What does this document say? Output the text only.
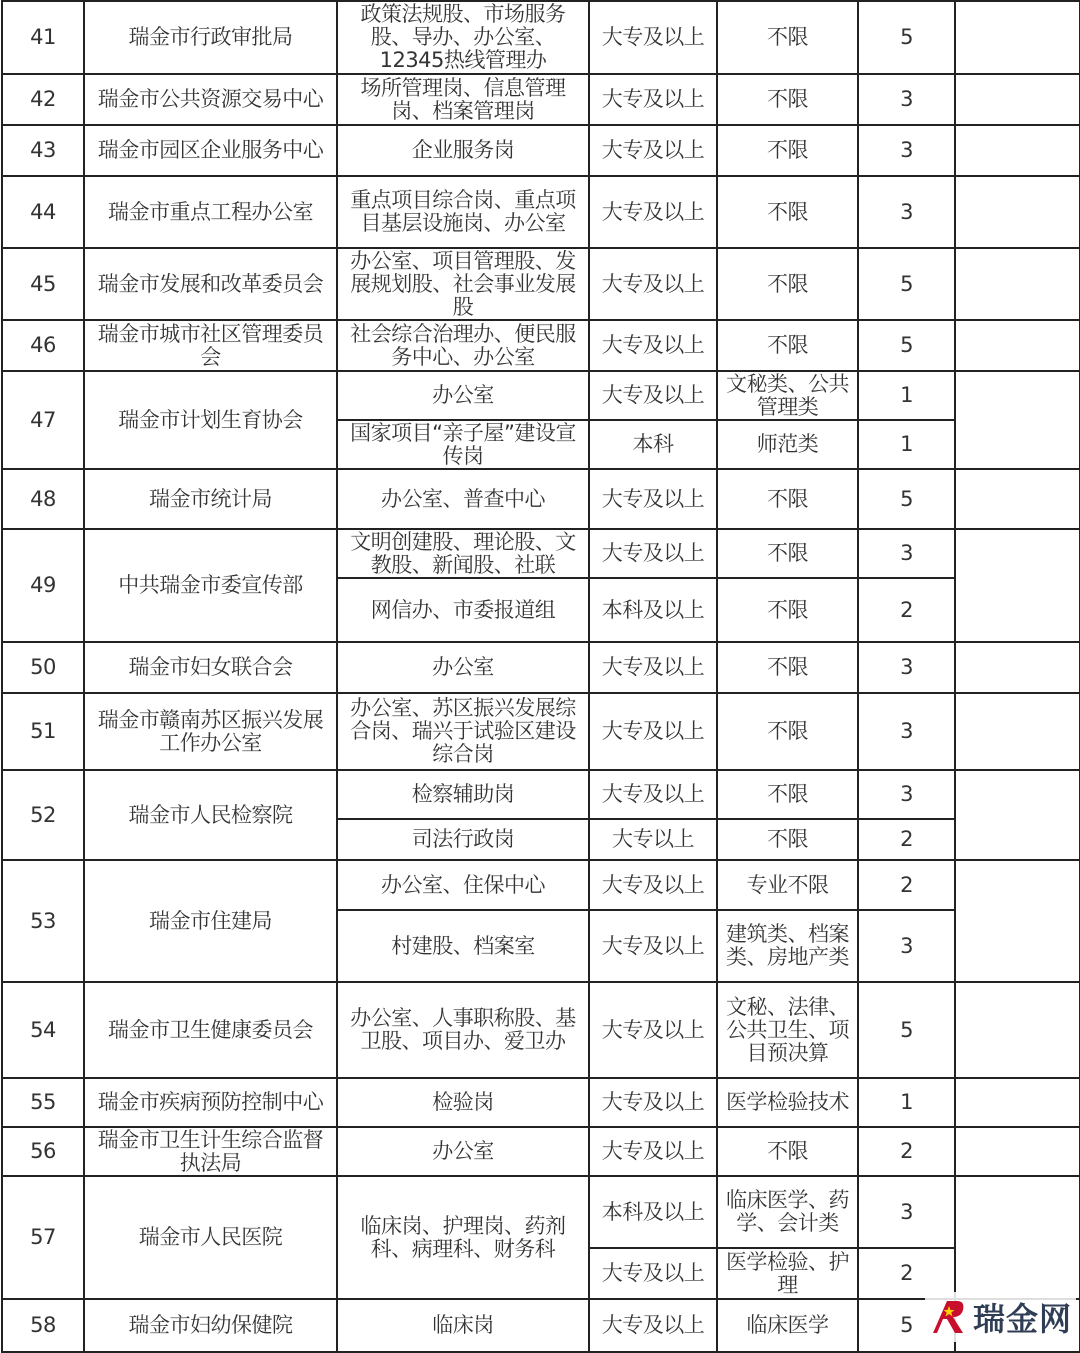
41	瑞金市行政审批局	政策法规股、市场服务股、导办、办公室、12345热线管理办	大专及以上	不限	5	
42	瑞金市公共资源交易中心	场所管理岗、信息管理岗、档案管理岗	大专及以上	不限	3	
43	瑞金市园区企业服务中心	企业服务岗	大专及以上	不限	3	
44	瑞金市重点工程办公室	重点项目综合岗、重点项目基层设施岗、办公室	大专及以上	不限	3	
45	瑞金市发展和改革委员会	办公室、项目管理股、发展规划股、社会事业发展股	大专及以上	不限	5	
46	瑞金市城市社区管理委员会	社会综合治理办、便民服务中心、办公室	大专及以上	不限	5	
47	瑞金市计划生育协会	办公室	大专及以上	文秘类、公共管理类	1	
		国家项目“亲子屋”建设宣传岗	本科	师范类	1	
48	瑞金市统计局	办公室、普查中心	大专及以上	不限	5	
49	中共瑞金市委宣传部	文明创建股、理论股、文教股、新闻股、社联	大专及以上	不限	3	
		网信办、市委报道组	本科及以上	不限	2	
50	瑞金市妇女联合会	办公室	大专及以上	不限	3	
51	瑞金市赣南苏区振兴发展工作办公室	办公室、苏区振兴发展综合岗、瑞兴于试验区建设综合岗	大专及以上	不限	3	
52	瑞金市人民检察院	检察辅助岗	大专及以上	不限	3	
		司法行政岗	大专以上	不限	2	
53	瑞金市住建局	办公室、住保中心	大专及以上	专业不限	2	
		村建股、档案室	大专及以上	建筑类、档案类、房地产类	3	
54	瑞金市卫生健康委员会	办公室、人事职称股、基卫股、项目办、爱卫办	大专及以上	文秘、法律、公共卫生、项目预决算	5	
55	瑞金市疾病预防控制中心	检验岗	大专及以上	医学检验技术	1	
56	瑞金市卫生计生综合监督执法局	办公室	大专及以上	不限	2	
57	瑞金市人民医院	临床岗、护理岗、药剂科、病理科、财务科	本科及以上	临床医学、药学、会计类	3	
			大专及以上	医学检验、护理	2	
58	瑞金市妇幼保健院	临床岗	大专及以上	临床医学	5	瑞金网
